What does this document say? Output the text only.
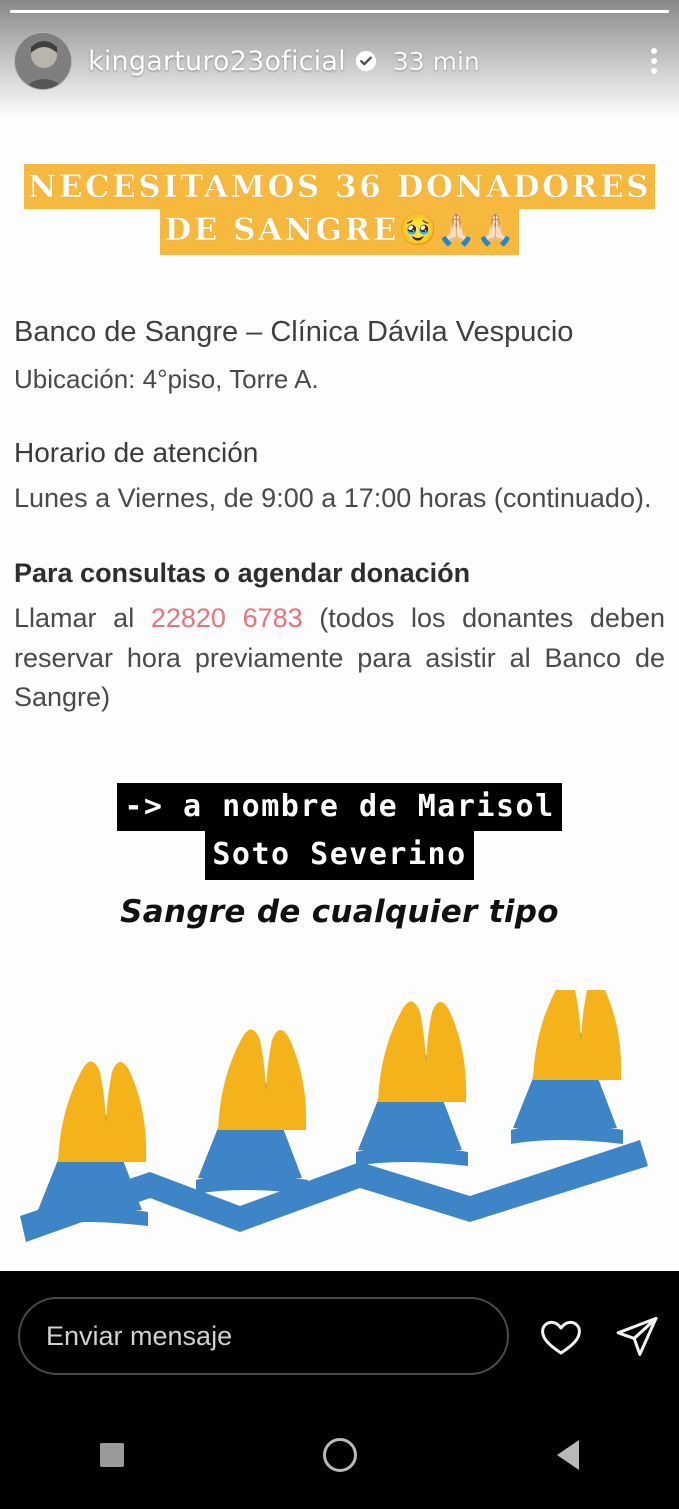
NECESITAMOS 36 DONADORES
DE SANGRE🥹🙏🏻🙏🏻

Banco de Sangre – Clínica Dávila Vespucio

Ubicación: 4°piso, Torre A.

Horario de atención

Lunes a Viernes, de 9:00 a 17:00 horas (continuado).

Para consultas o agendar donación

Llamar al 22820 6783 (todos los donantes deben reservar hora previamente para asistir al Banco de Sangre)

-> a nombre de Marisol
Soto Severino
Sangre de cualquier tipo
kingarturo23oficial 33 min
Enviar mensaje
